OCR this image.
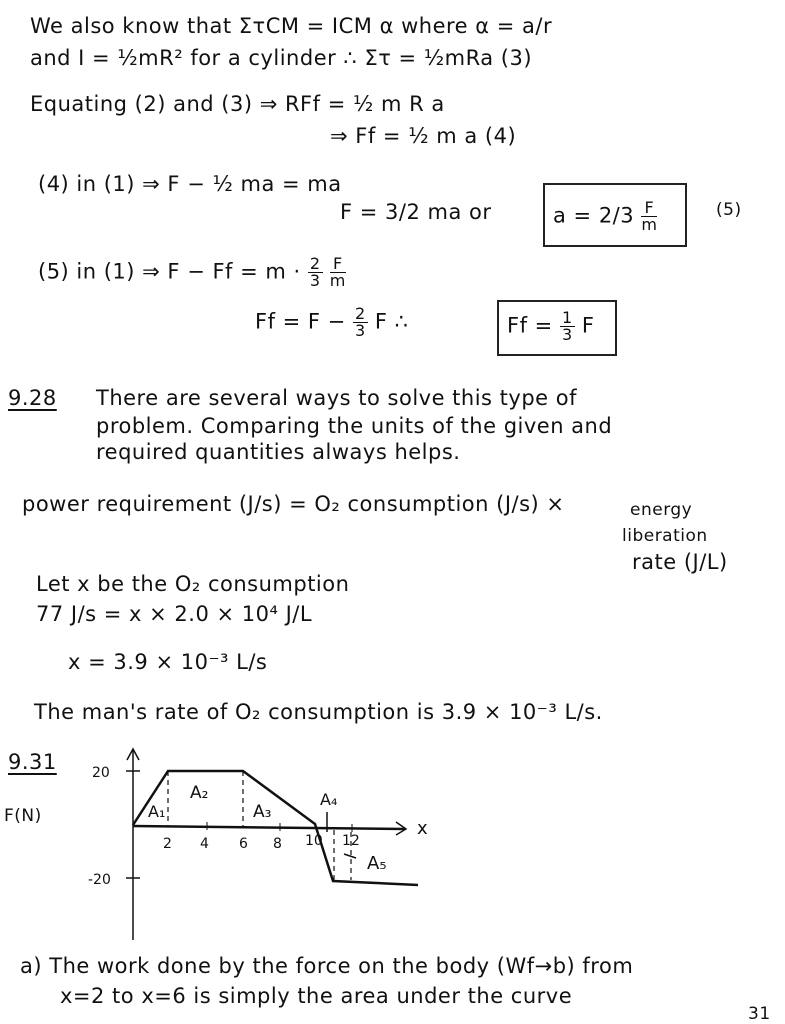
We also know that ΣτCM = ICM α where α = a/r
and I = ½mR² for a cylinder ∴ Στ = ½mRa (3)
Equating (2) and (3) ⇒ RFf = ½ m R a
⇒ Ff = ½ m a (4)
(4) in (1) ⇒ F − ½ ma = ma
F = 3/2 ma or	$a = 2/3 \frac{F}{m}$	(5)
(5) in (1) ⇒ $F - Ff = m \cdot \frac{2}{3}$
$\frac{F}{m}$
$Ff = F - \frac{2}{3}$ F ∴	$Ff = \frac{1}{3}$ F
9.28 There are several ways to solve this type of
problem. Comparing the units of the given and
required quantities always helps.
power requirement (J/s) = O₂ consumption (J/s) ×	energy
liberation
rate (J/L)
Let x be the O₂ consumption
77 J/s = x × 2.0 × 10⁴ J/L
x = 3.9 × 10⁻³ L/s
The man's rate of O₂ consumption is 3.9 × 10⁻³ L/s.
9.31
F(N)
20
-20
2 4 6 8 10 12
x
A₁
A₂
A₃
A₄
A₅
a) The work done by the force on the body (Wf→b) from
x=2 to x=6 is simply the area under the curve
31
